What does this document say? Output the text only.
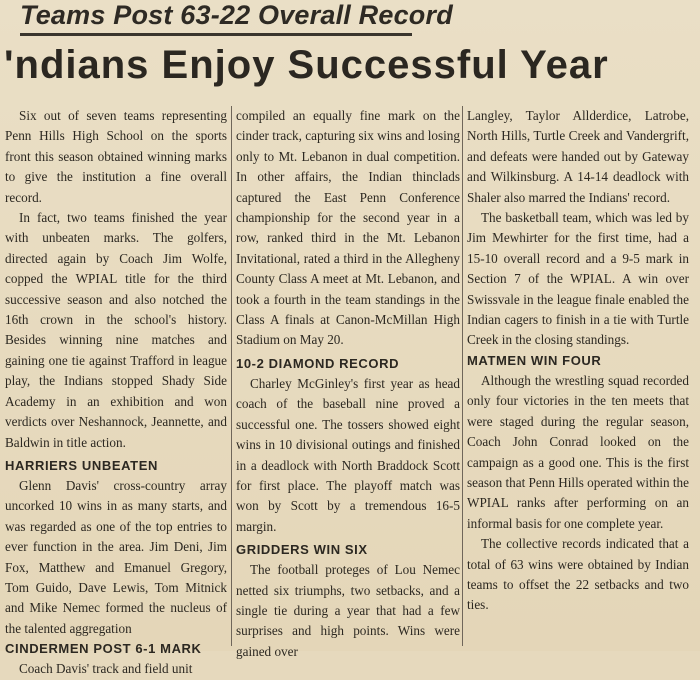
Teams Post 63-22 Overall Record
'ndians Enjoy Successful Year

Six out of seven teams representing Penn Hills High School on the sports front this season obtained winning marks to give the institution a fine overall record.

In fact, two teams finished the year with unbeaten marks. The golfers, directed again by Coach Jim Wolfe, copped the WPIAL title for the third successive season and also notched the 16th crown in the school's history. Besides winning nine matches and gaining one tie against Trafford in league play, the Indians stopped Shady Side Academy in an exhibition and won verdicts over Neshannock, Jeannette, and Baldwin in title action.

HARRIERS UNBEATEN

Glenn Davis' cross-country array uncorked 10 wins in as many starts, and was regarded as one of the top entries to ever function in the area. Jim Deni, Jim Fox, Matthew and Emanuel Gregory, Tom Guido, Dave Lewis, Tom Mitnick and Mike Nemec formed the nucleus of the talented aggregation

CINDERMEN POST 6-1 MARK

Coach Davis' track and field unit

compiled an equally fine mark on the cinder track, capturing six wins and losing only to Mt. Lebanon in dual competition. In other affairs, the Indian thinclads captured the East Penn Conference championship for the second year in a row, ranked third in the Mt. Lebanon Invitational, rated a third in the Allegheny County Class A meet at Mt. Lebanon, and took a fourth in the team standings in the Class A finals at Canon-McMillan High Stadium on May 20.

10-2 DIAMOND RECORD

Charley McGinley's first year as head coach of the baseball nine proved a successful one. The tossers showed eight wins in 10 divisional outings and finished in a deadlock with North Braddock Scott for first place. The playoff match was won by Scott by a tremendous 16-5 margin.

GRIDDERS WIN SIX

The football proteges of Lou Nemec netted six triumphs, two setbacks, and a single tie during a year that had a few surprises and high points. Wins were gained over

Langley, Taylor Allderdice, Latrobe, North Hills, Turtle Creek and Vandergrift, and defeats were handed out by Gateway and Wilkinsburg. A 14-14 deadlock with Shaler also marred the Indians' record.

The basketball team, which was led by Jim Mewhirter for the first time, had a 15-10 overall record and a 9-5 mark in Section 7 of the WPIAL. A win over Swissvale in the league finale enabled the Indian cagers to finish in a tie with Turtle Creek in the closing standings.

MATMEN WIN FOUR

Although the wrestling squad recorded only four victories in the ten meets that were staged during the regular season, Coach John Conrad looked on the campaign as a good one. This is the first season that Penn Hills operated within the WPIAL ranks after performing on an informal basis for one complete year.

The collective records indicated that a total of 63 wins were obtained by Indian teams to offset the 22 setbacks and two ties.
